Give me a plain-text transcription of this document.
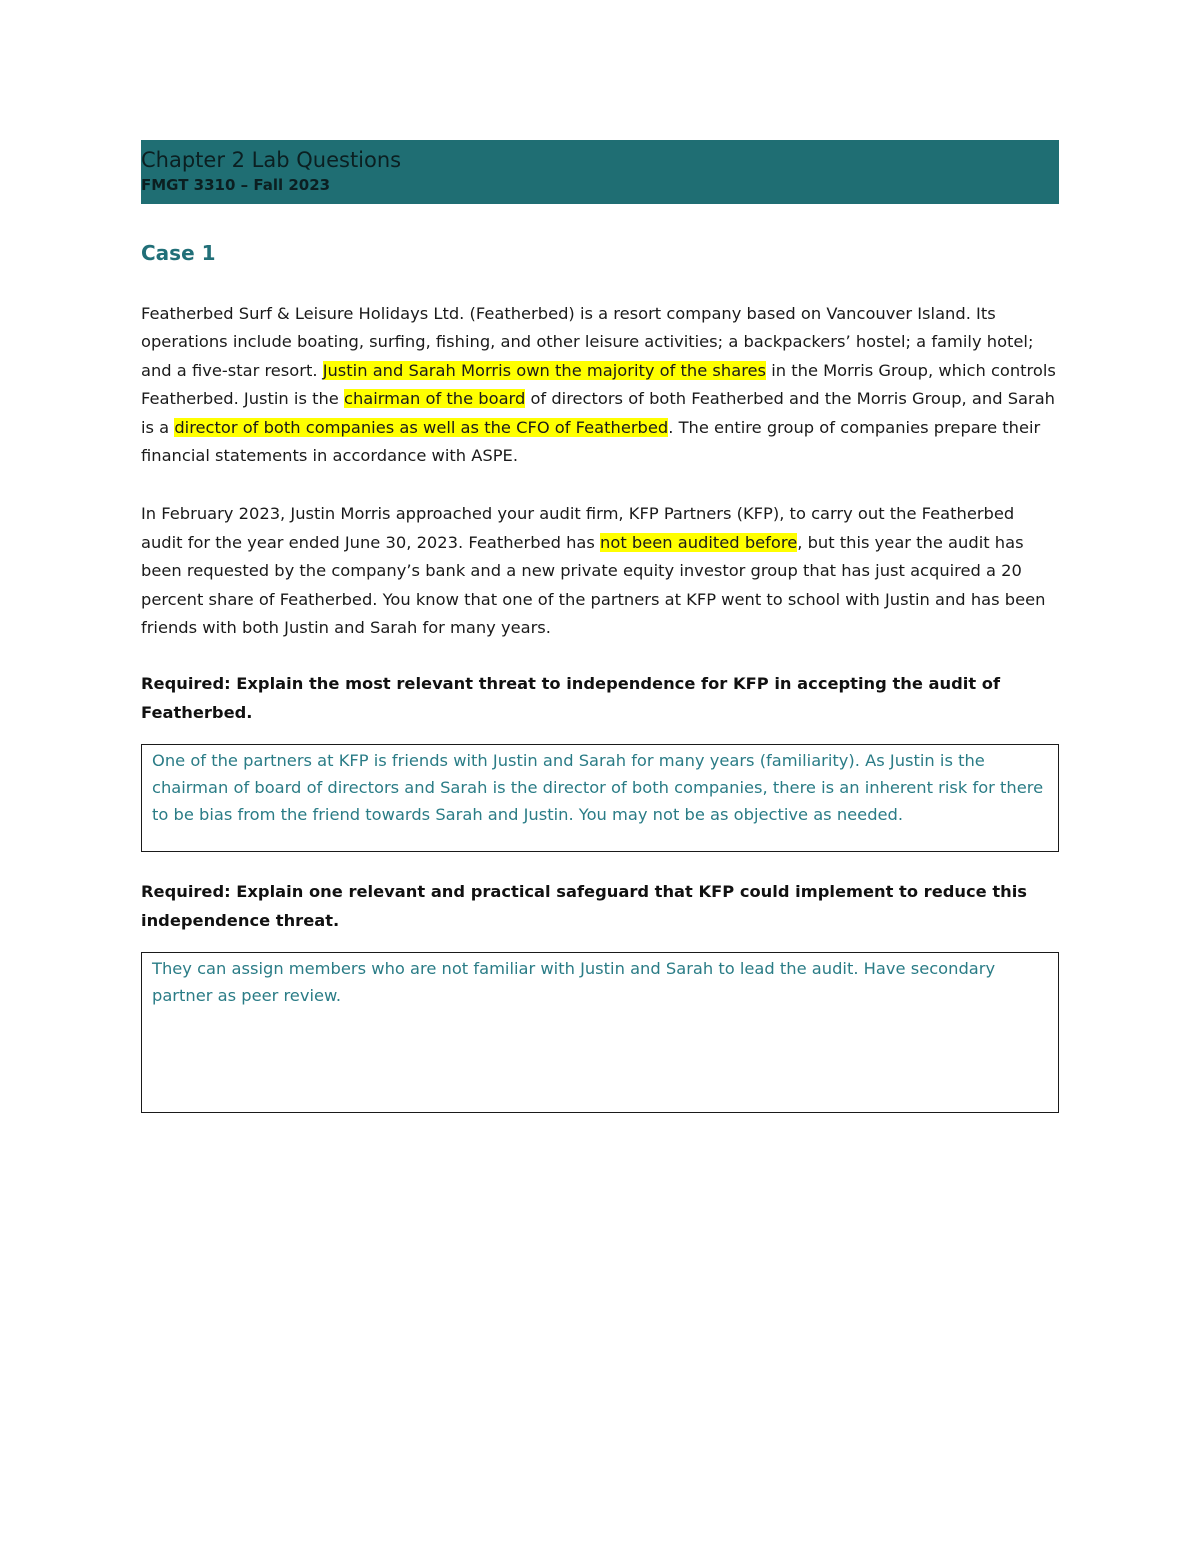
Chapter 2 Lab Questions
FMGT 3310 – Fall 2023
Case 1

Featherbed Surf & Leisure Holidays Ltd. (Featherbed) is a resort company based on Vancouver Island. Its operations include boating, surfing, fishing, and other leisure activities; a backpackers’ hostel; a family hotel; and a five-star resort. Justin and Sarah Morris own the majority of the shares in the Morris Group, which controls Featherbed. Justin is the chairman of the board of directors of both Featherbed and the Morris Group, and Sarah is a director of both companies as well as the CFO of Featherbed. The entire group of companies prepare their financial statements in accordance with ASPE.

In February 2023, Justin Morris approached your audit firm, KFP Partners (KFP), to carry out the Featherbed audit for the year ended June 30, 2023. Featherbed has not been audited before, but this year the audit has been requested by the company’s bank and a new private equity investor group that has just acquired a 20 percent share of Featherbed. You know that one of the partners at KFP went to school with Justin and has been friends with both Justin and Sarah for many years.

Required: Explain the most relevant threat to independence for KFP in accepting the audit of Featherbed.

One of the partners at KFP is friends with Justin and Sarah for many years (familiarity). As Justin is the chairman of board of directors and Sarah is the director of both companies, there is an inherent risk for there to be bias from the friend towards Sarah and Justin. You may not be as objective as needed.

Required: Explain one relevant and practical safeguard that KFP could implement to reduce this independence threat.

They can assign members who are not familiar with Justin and Sarah to lead the audit. Have secondary partner as peer review.
